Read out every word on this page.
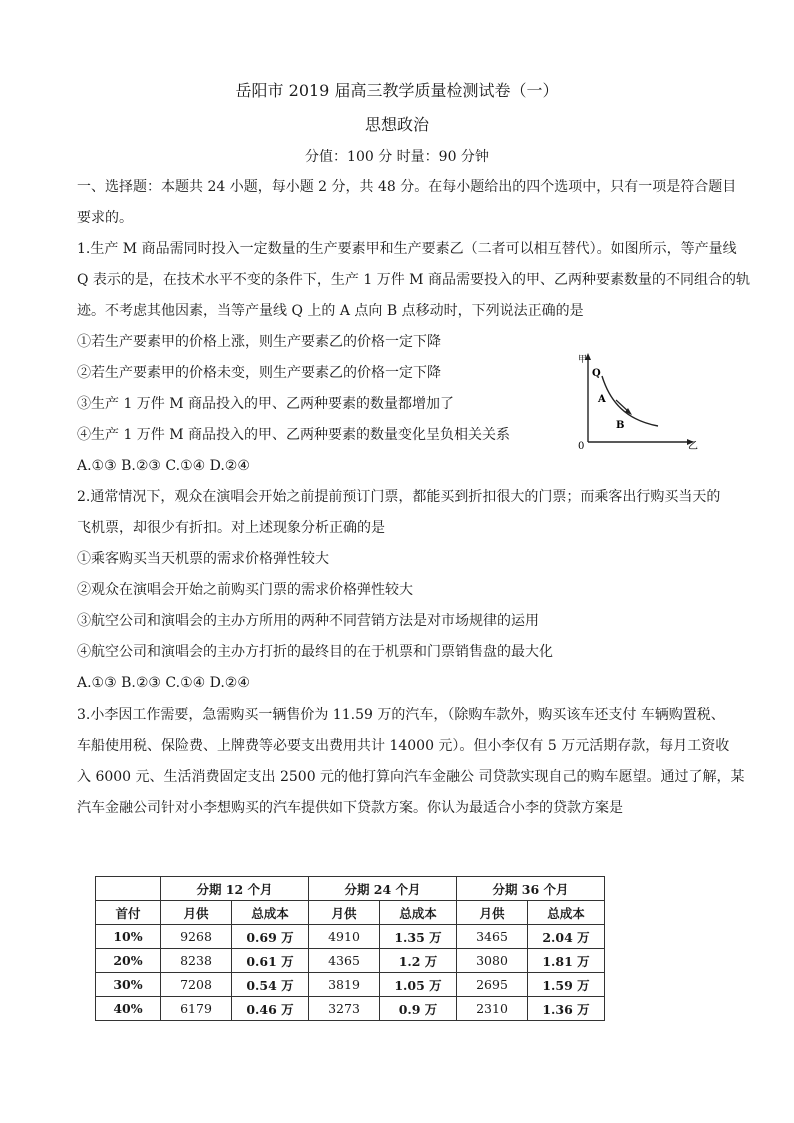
岳阳市 2019 届高三教学质量检测试卷（一）
思想政治
分值：100 分 时量：90 分钟
一、选择题：本题共 24 小题，每小题 2 分，共 48 分。在每小题给出的四个选项中，只有一项是符合题目
要求的。
1.生产 M 商品需同时投入一定数量的生产要素甲和生产要素乙（二者可以相互替代）。如图所示，等产量线
Q 表示的是，在技术水平不变的条件下，生产 1 万件 M 商品需要投入的甲、乙两种要素数量的不同组合的轨
迹。不考虑其他因素，当等产量线 Q 上的 A 点向 B 点移动时，下列说法正确的是
①若生产要素甲的价格上涨，则生产要素乙的价格一定下降
②若生产要素甲的价格未变，则生产要素乙的价格一定下降
③生产 1 万件 M 商品投入的甲、乙两种要素的数量都增加了
④生产 1 万件 M 商品投入的甲、乙两种要素的数量变化呈负相关关系
A.①③ B.②③ C.①④ D.②④
甲
乙
Q
A
B
0
2.通常情况下，观众在演唱会开始之前提前预订门票，都能买到折扣很大的门票；而乘客出行购买当天的
飞机票，却很少有折扣。对上述现象分析正确的是
①乘客购买当天机票的需求价格弹性较大
②观众在演唱会开始之前购买门票的需求价格弹性较大
③航空公司和演唱会的主办方所用的两种不同营销方法是对市场规律的运用
④航空公司和演唱会的主办方打折的最终目的在于机票和门票销售盘的最大化
A.①③ B.②③ C.①④ D.②④
3.小李因工作需要，急需购买一辆售价为 11.59 万的汽车，（除购车款外，购买该车还支付 车辆购置税、
车船使用税、保险费、上牌费等必要支出费用共计 14000 元）。但小李仅有 5 万元活期存款，每月工资收
入 6000 元、生活消费固定支出 2500 元的他打算向汽车金融公 司贷款实现自己的购车愿望。通过了解，某
汽车金融公司针对小李想购买的汽车提供如下贷款方案。你认为最适合小李的贷款方案是
	分期 12 个月		分期 24 个月		分期 36 个月	
首付	月供	总成本	月供	总成本	月供	总成本
10%	9268	0.69 万	4910	1.35 万	3465	2.04 万
20%	8238	0.61 万	4365	1.2 万	3080	1.81 万
30%	7208	0.54 万	3819	1.05 万	2695	1.59 万
40%	6179	0.46 万	3273	0.9 万	2310	1.36 万
